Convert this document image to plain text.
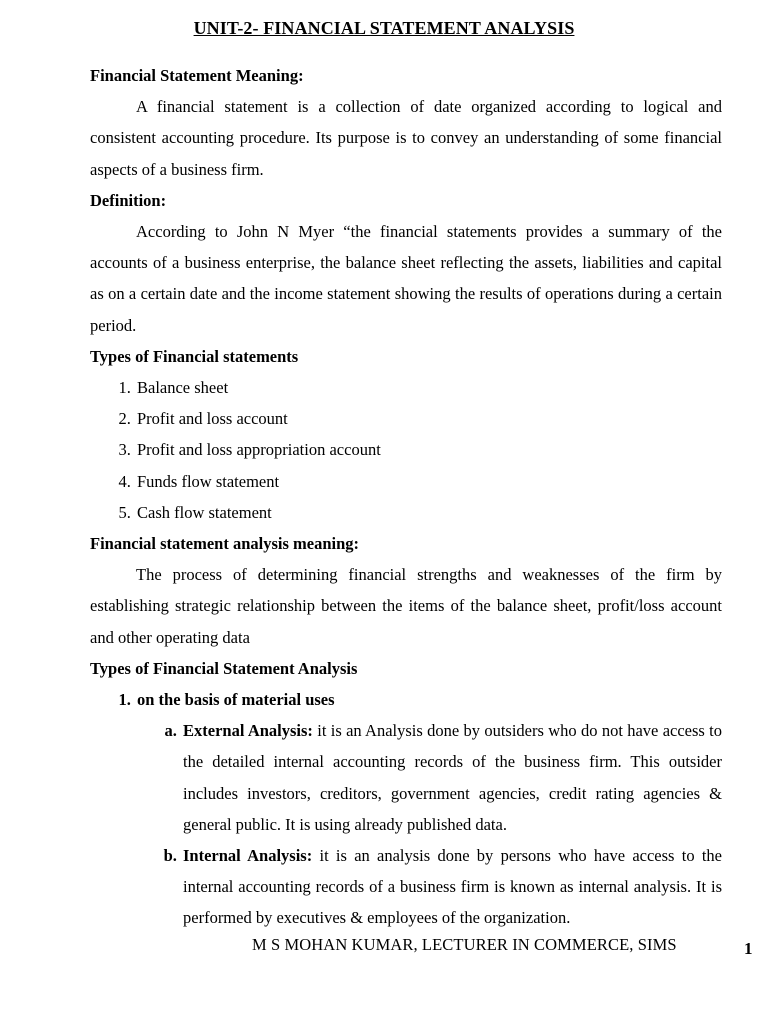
UNIT-2- FINANCIAL STATEMENT ANALYSIS

Financial Statement Meaning:

A financial statement is a collection of date organized according to logical and consistent accounting procedure. Its purpose is to convey an understanding of some financial aspects of a business firm.

Definition:

According to John N Myer “the financial statements provides a summary of the accounts of a business enterprise, the balance sheet reflecting the assets, liabilities and capital as on a certain date and the income statement showing the results of operations during a certain period.

Types of Financial statements

1. Balance sheet
2. Profit and loss account
3. Profit and loss appropriation account
4. Funds flow statement
5. Cash flow statement

Financial statement analysis meaning:

The process of determining financial strengths and weaknesses of the firm by establishing strategic relationship between the items of the balance sheet, profit/loss account and other operating data

Types of Financial Statement Analysis

1. on the basis of material uses
a. External Analysis: it is an Analysis done by outsiders who do not have access to the detailed internal accounting records of the business firm. This outsider includes investors, creditors, government agencies, credit rating agencies & general public. It is using already published data.
b. Internal Analysis: it is an analysis done by persons who have access to the internal accounting records of a business firm is known as internal analysis. It is performed by executives & employees of the organization.
M S MOHAN KUMAR, LECTURER IN COMMERCE, SIMS	1
